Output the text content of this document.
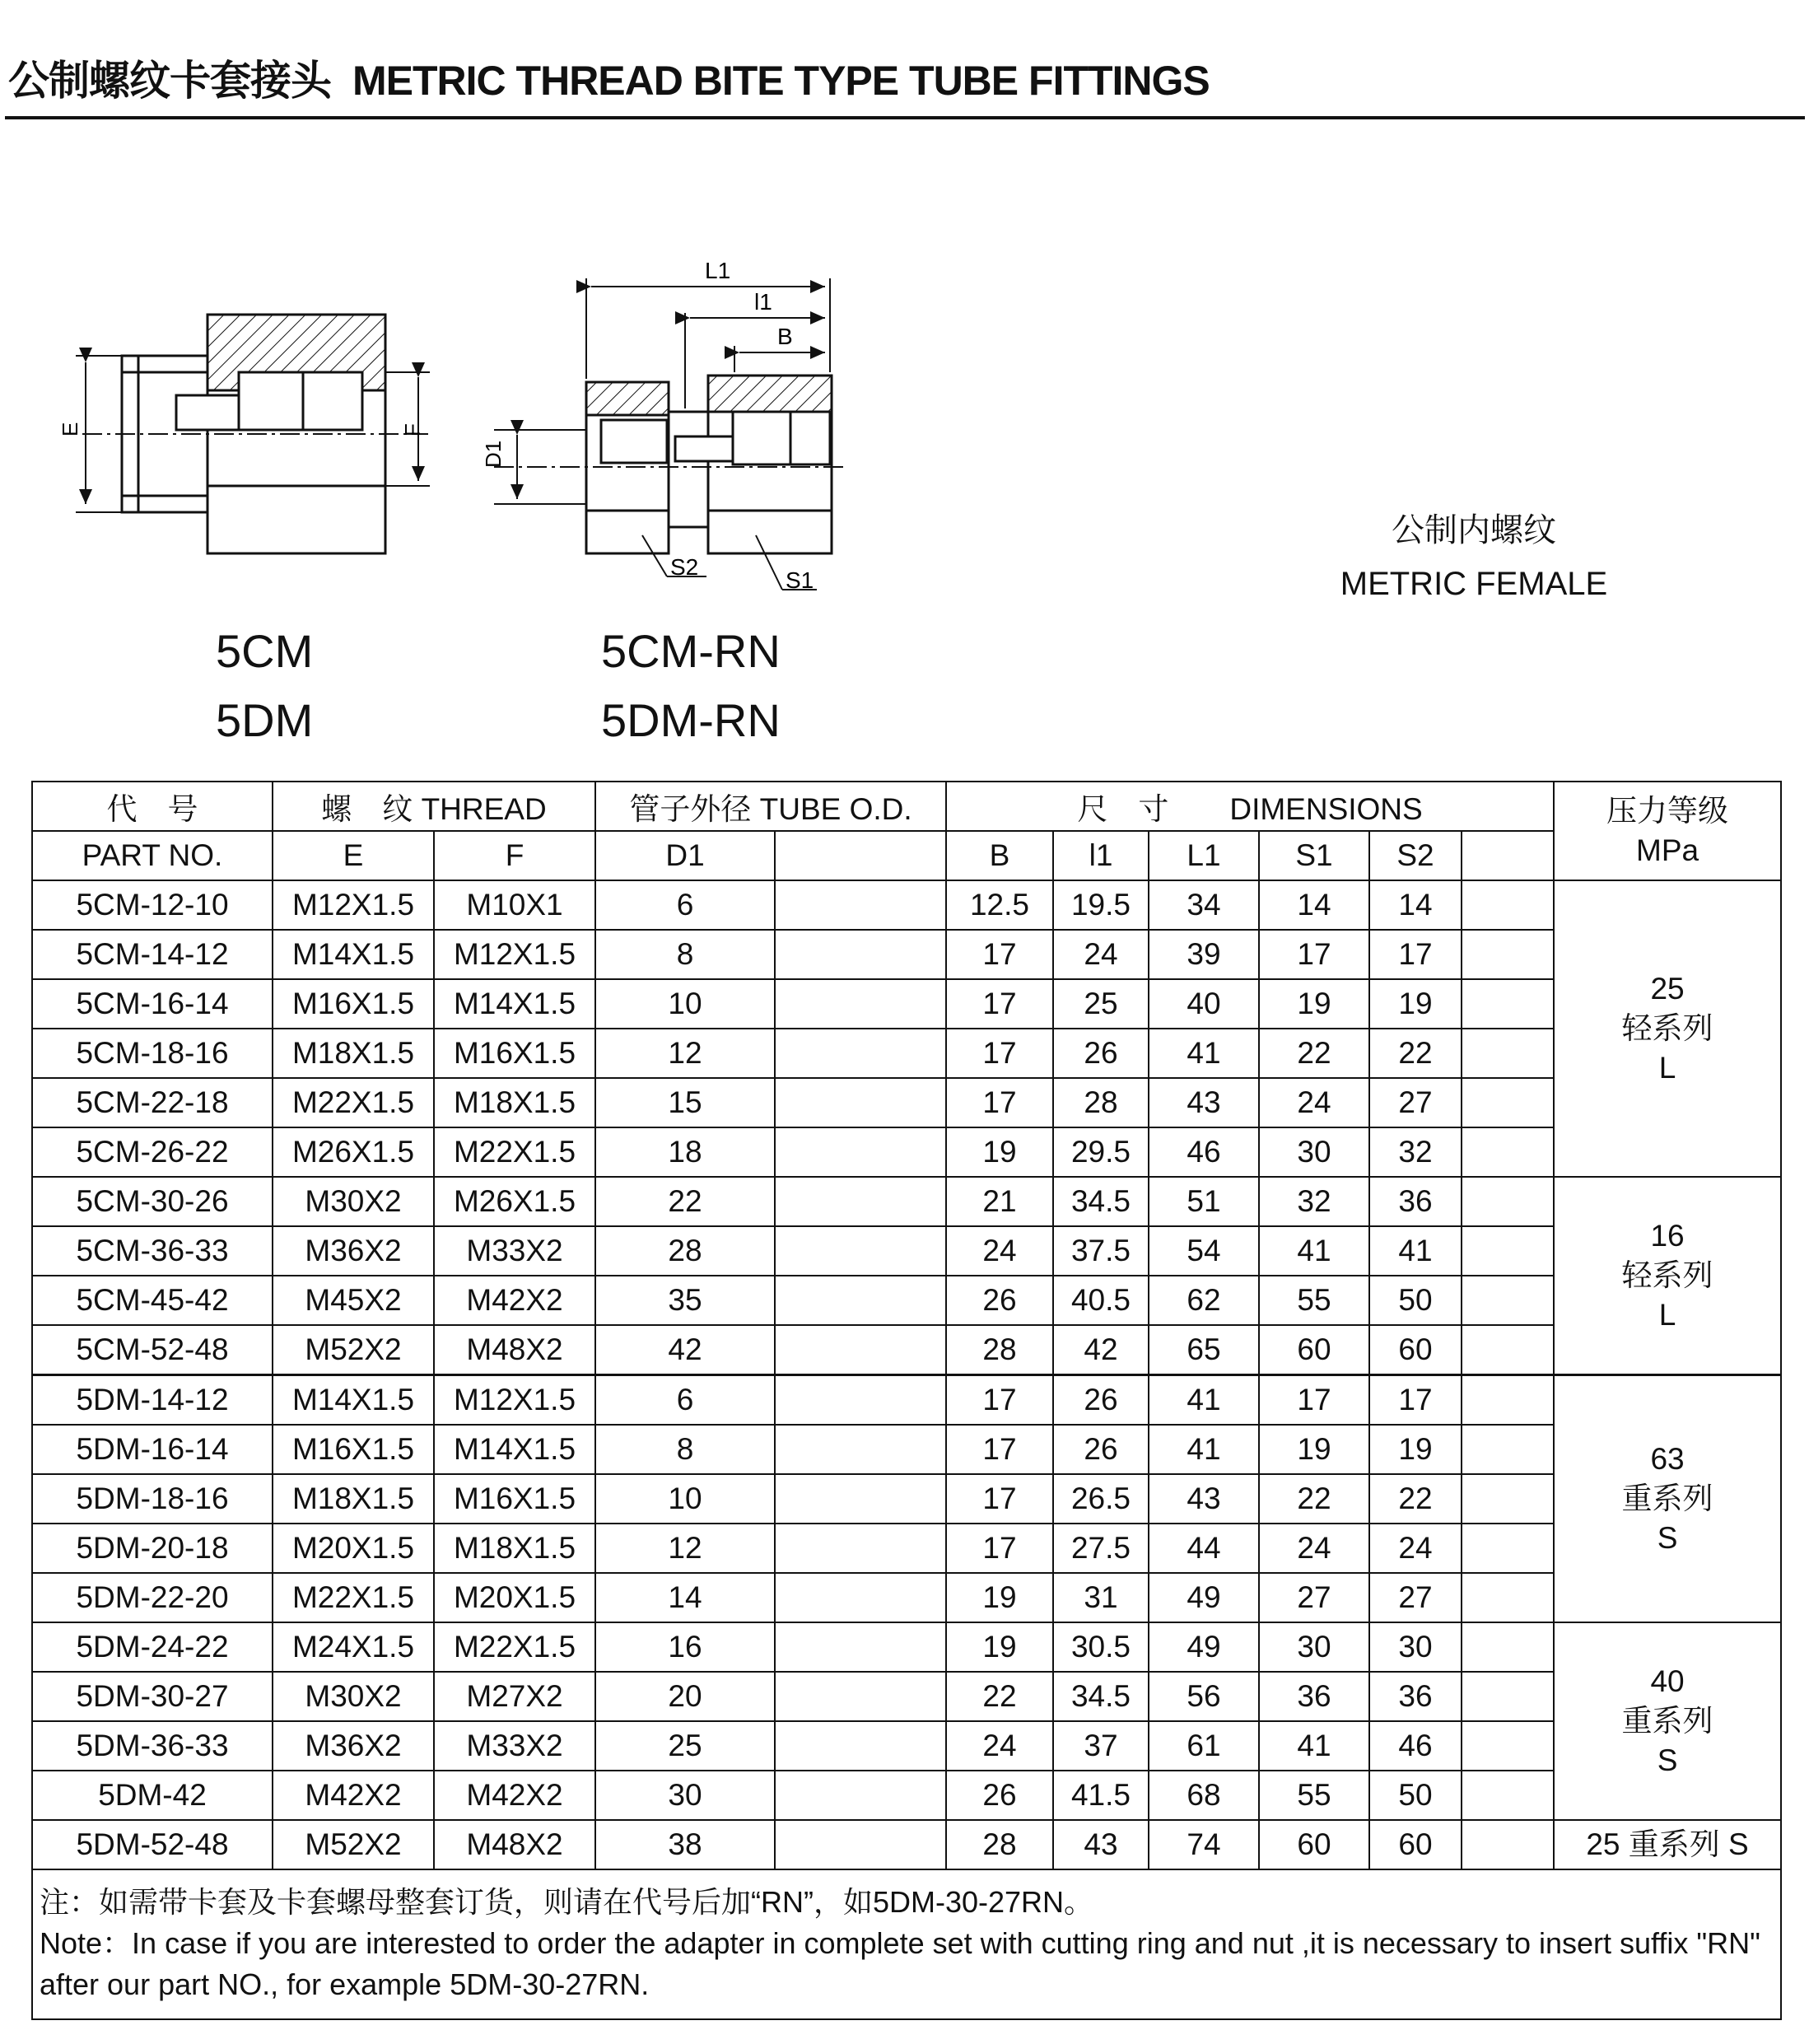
公制螺纹卡套接头 METRIC THREAD BITE TYPE TUBE FITTINGS
E	F
L1
l1
B
D1
S2
S1
5CM
5DM
5CM-RN
5DM-RN
公制内螺纹
METRIC FEMALE
代　号	螺　纹 THREAD		管子外径 TUBE O.D.		尺　寸　　DIMENSIONS						压力等级
MPa
PART NO.	E	F	D1		B	l1	L1	S1	S2		
5CM-12-10	M12X1.5	M10X1	6		12.5	19.5	34	14	14		25
轻系列
L
5CM-14-12	M14X1.5	M12X1.5	8		17	24	39	17	17		
5CM-16-14	M16X1.5	M14X1.5	10		17	25	40	19	19		
5CM-18-16	M18X1.5	M16X1.5	12		17	26	41	22	22		
5CM-22-18	M22X1.5	M18X1.5	15		17	28	43	24	27		
5CM-26-22	M26X1.5	M22X1.5	18		19	29.5	46	30	32		
5CM-30-26	M30X2	M26X1.5	22		21	34.5	51	32	36		16
轻系列
L
5CM-36-33	M36X2	M33X2	28		24	37.5	54	41	41		
5CM-45-42	M45X2	M42X2	35		26	40.5	62	55	50		
5CM-52-48	M52X2	M48X2	42		28	42	65	60	60		
5DM-14-12	M14X1.5	M12X1.5	6		17	26	41	17	17		63
重系列
S
5DM-16-14	M16X1.5	M14X1.5	8		17	26	41	19	19		
5DM-18-16	M18X1.5	M16X1.5	10		17	26.5	43	22	22		
5DM-20-18	M20X1.5	M18X1.5	12		17	27.5	44	24	24		
5DM-22-20	M22X1.5	M20X1.5	14		19	31	49	27	27		
5DM-24-22	M24X1.5	M22X1.5	16		19	30.5	49	30	30		40
重系列
S
5DM-30-27	M30X2	M27X2	20		22	34.5	56	36	36		
5DM-36-33	M36X2	M33X2	25		24	37	61	41	46		
5DM-42	M42X2	M42X2	30		26	41.5	68	55	50		
5DM-52-48	M52X2	M48X2	38		28	43	74	60	60		25 重系列 S

注：如需带卡套及卡套螺母整套订货，则请在代号后加“RN”，如5DM-30-27RN。
Note：In case if you are interested to order the adapter in complete set with cutting ring and nut ,it is necessary to insert suffix "RN" after our part NO., for example 5DM-30-27RN.											
